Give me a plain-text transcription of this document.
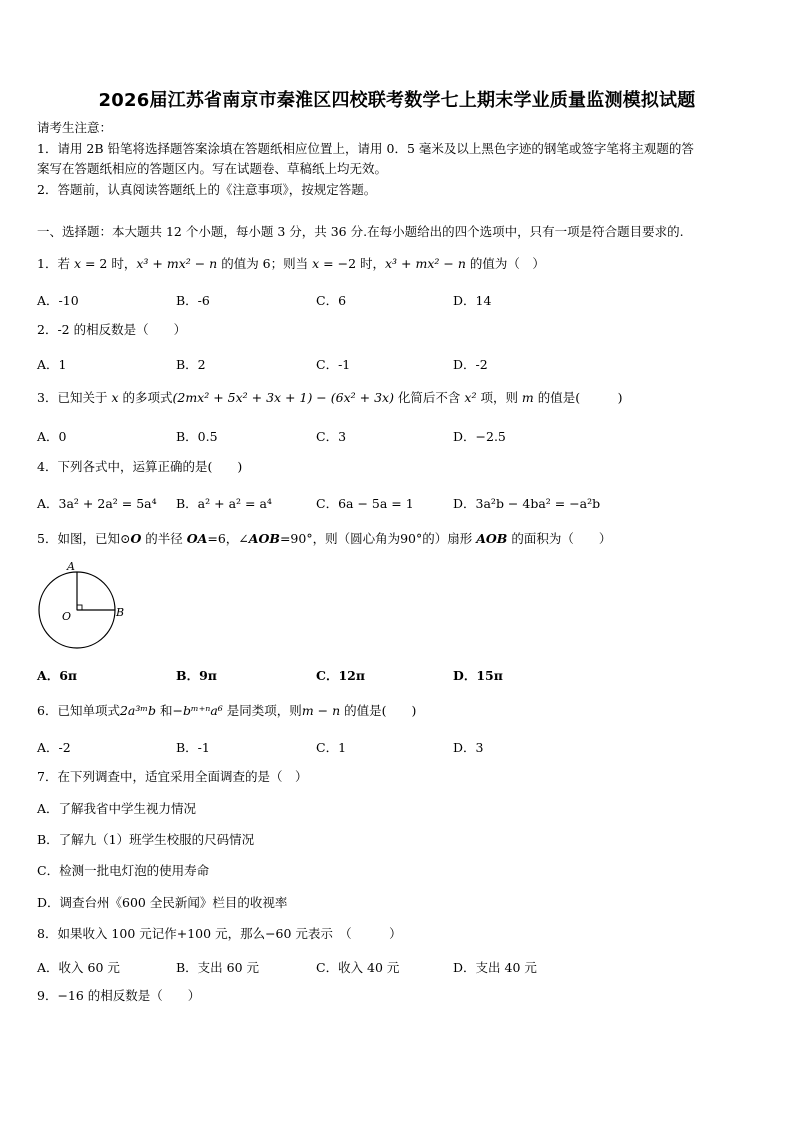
2026届江苏省南京市秦淮区四校联考数学七上期末学业质量监测模拟试题
请考生注意：
1．请用 2B 铅笔将选择题答案涂填在答题纸相应位置上，请用 0．5 毫米及以上黑色字迹的钢笔或签字笔将主观题的答
案写在答题纸相应的答题区内。写在试题卷、草稿纸上均无效。
2．答题前，认真阅读答题纸上的《注意事项》，按规定答题。
一、选择题：本大题共 12 个小题，每小题 3 分，共 36 分.在每小题给出的四个选项中，只有一项是符合题目要求的.
1．若 x = 2 时，x³ + mx² − n 的值为 6；则当 x = −2 时，x³ + mx² − n 的值为（　）
A．-10	B．-6	C．6	D．14
2．-2 的相反数是（　　）
A．1	B．2	C．-1	D．-2
3．已知关于 x 的多项式(2mx² + 5x² + 3x + 1) − (6x² + 3x) 化简后不含 x² 项，则 m 的值是(　　　)
A．0	B．0.5	C．3	D．−2.5
4．下列各式中，运算正确的是(　　)
A．3a² + 2a² = 5a⁴ B．a² + a² = a⁴	C．6a − 5a = 1	D．3a²b − 4ba² = −a²b
5．如图，已知⊙O 的半径 OA=6，∠AOB=90°，则（圆心角为90°的）扇形 AOB 的面积为（　　）
A
B
O
A．6π	B．9π	C．12π	D．15π
6．已知单项式2a³ᵐb 和−bᵐ⁺ⁿa⁶ 是同类项，则m − n 的值是(　　)
A．-2	B．-1	C．1	D．3
7．在下列调查中，适宜采用全面调查的是（　）
A．了解我省中学生视力情况
B．了解九（1）班学生校服的尺码情况
C．检测一批电灯泡的使用寿命
D．调查台州《600 全民新闻》栏目的收视率
8．如果收入 100 元记作+100 元，那么−60 元表示　（　　　）
A．收入 60 元	B．支出 60 元	C．收入 40 元	D．支出 40 元
9．−16 的相反数是（　　）
